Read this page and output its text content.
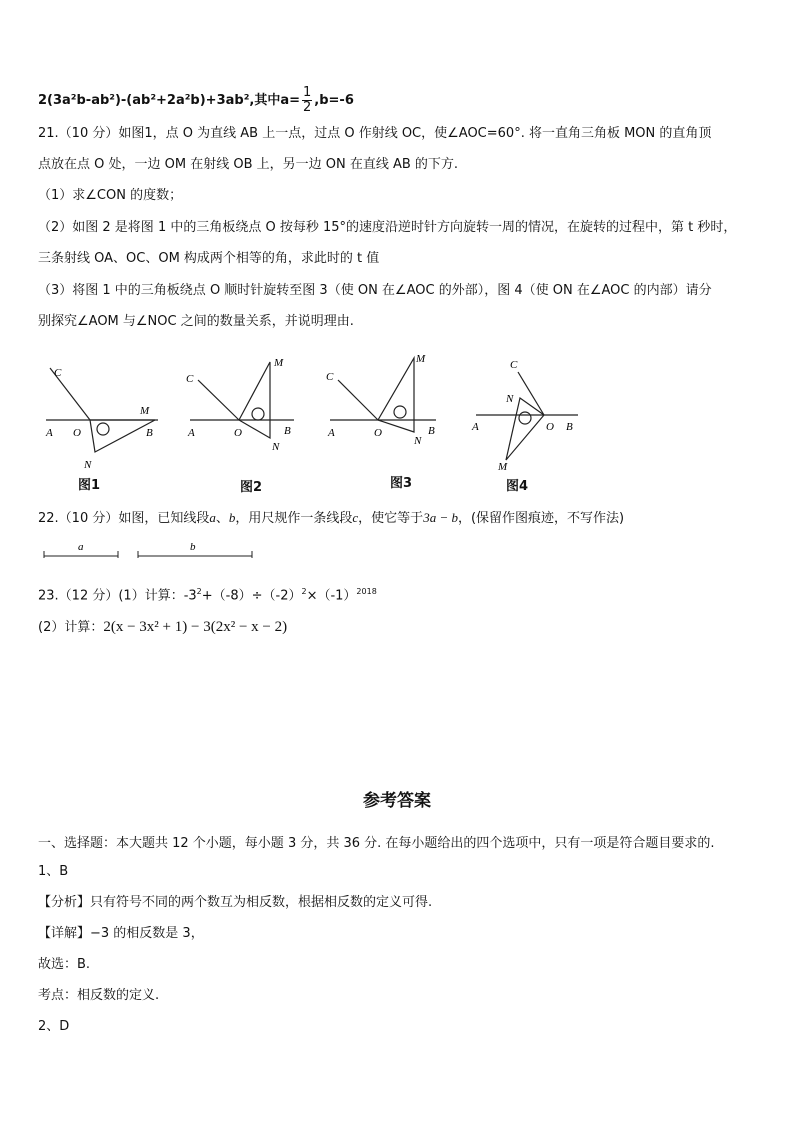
2(3a²b-ab²)-(ab²+2a²b)+3ab²,其中$a= \frac{1}{2} ,b=-6$
21.（10 分）如图1，点 O 为直线 AB 上一点，过点 O 作射线 OC，使∠AOC=60°. 将一直角三角板 MON 的直角顶
点放在点 O 处，一边 OM 在射线 OB 上，另一边 ON 在直线 AB 的下方.
（1）求∠CON 的度数；
（2）如图 2 是将图 1 中的三角板绕点 O 按每秒 15°的速度沿逆时针方向旋转一周的情况，在旋转的过程中，第 t 秒时，
三条射线 OA、OC、OM 构成两个相等的角，求此时的 t 值
（3）将图 1 中的三角板绕点 O 顺时针旋转至图 3（使 ON 在∠AOC 的外部），图 4（使 ON 在∠AOC 的内部）请分
别探究∠AOM 与∠NOC 之间的数量关系，并说明理由.
C
A O
M
B
N
图1
C
A	O
M
B
N
图2
C
A	O
M
B
N
图3
C
A	O
N
B
M
图4
22.（10 分）如图，已知线段a、b，用尺规作一条线段c，使它等于3a − b，(保留作图痕迹，不写作法)
a	b
23.（12 分）(1）计算：$-3^2+(-8)\div(-2)^2\times(-1)^{2018}$
(2）计算：2(x − 3x² + 1) − 3(2x² − x − 2)
参考答案
一、选择题：本大题共 12 个小题，每小题 3 分，共 36 分. 在每小题给出的四个选项中，只有一项是符合题目要求的.
1、B
【分析】只有符号不同的两个数互为相反数，根据相反数的定义可得.
【详解】−3 的相反数是 3，
故选：B.
考点：相反数的定义.
2、D
